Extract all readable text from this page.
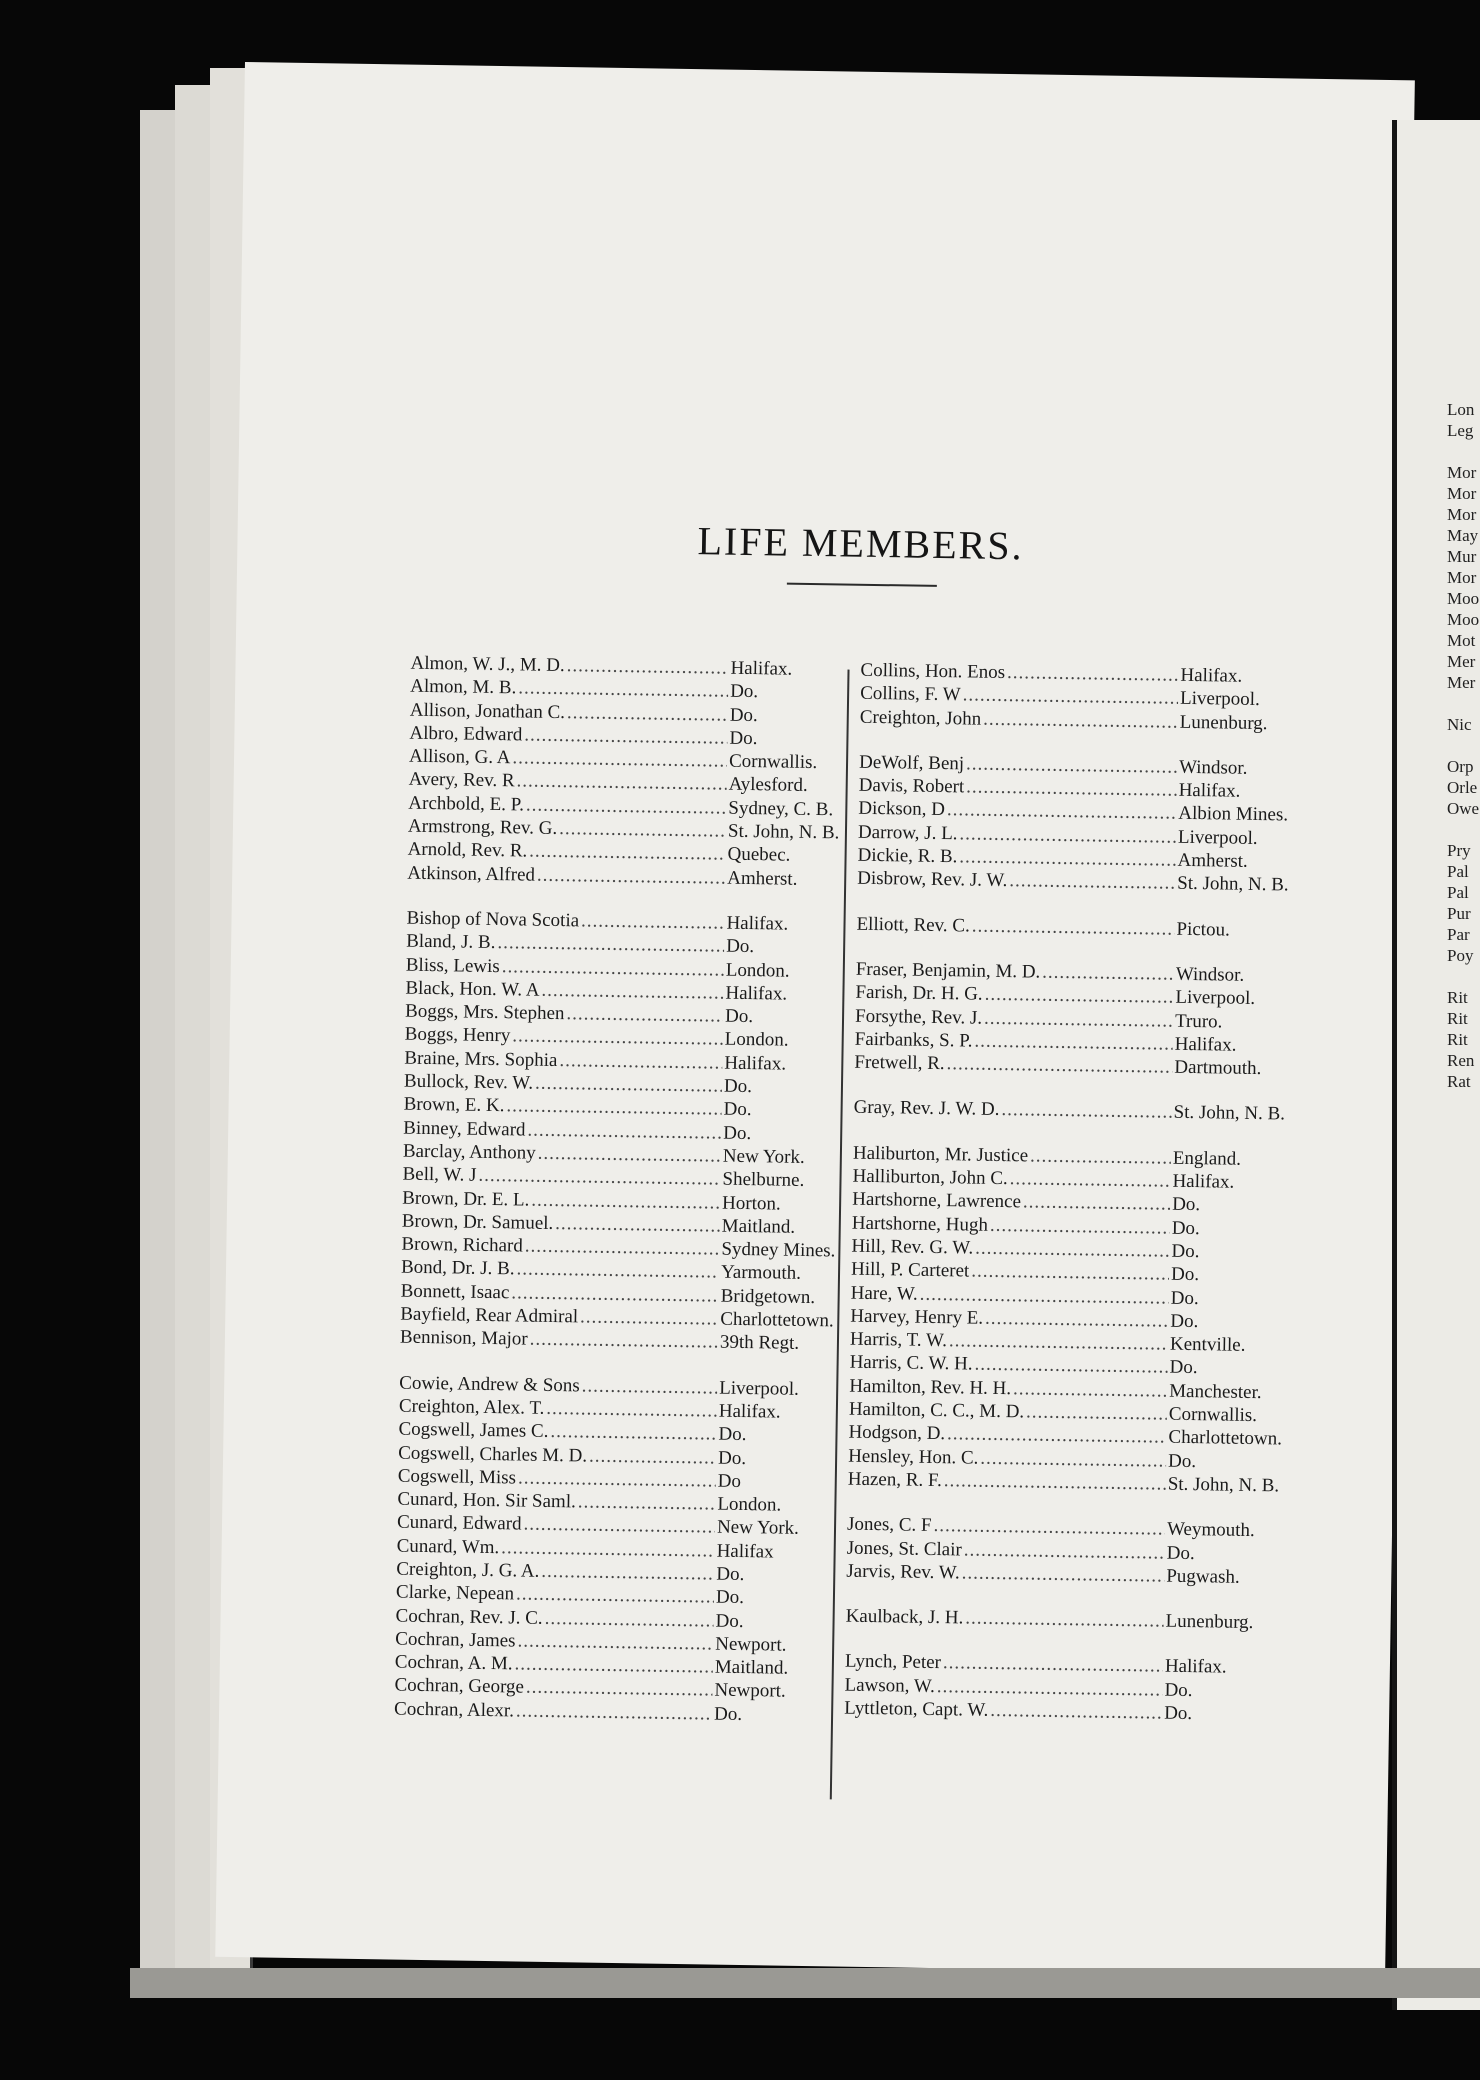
LIFE MEMBERS.
Almon, W. J., M. D. .....	Halifax.
Almon, M. B. .....	Do.
Allison, Jonathan C. .....	Do.
Albro, Edward .....	Do.
Allison, G. A .....	Cornwallis.
Avery, Rev. R .....	Aylesford.
Archbold, E. P. .....	Sydney, C. B.
Armstrong, Rev. G. .....	St. John, N. B.
Arnold, Rev. R. .....	Quebec.
Atkinson, Alfred .....	Amherst.
Bishop of Nova Scotia .....	Halifax.
Bland, J. B. .....	Do.
Bliss, Lewis .....	London.
Black, Hon. W. A .....	Halifax.
Boggs, Mrs. Stephen .....	Do.
Boggs, Henry .....	London.
Braine, Mrs. Sophia .....	Halifax.
Bullock, Rev. W. .....	Do.
Brown, E. K. .....	Do.
Binney, Edward .....	Do.
Barclay, Anthony .....	New York.
Bell, W. J .....	Shelburne.
Brown, Dr. E. L. .....	Horton.
Brown, Dr. Samuel. .....	Maitland.
Brown, Richard .....	Sydney Mines.
Bond, Dr. J. B. .....	Yarmouth.
Bonnett, Isaac .....	Bridgetown.
Bayfield, Rear Admiral .....	Charlottetown.
Bennison, Major .....	39th Regt.
Cowie, Andrew & Sons .....	Liverpool.
Creighton, Alex. T. .....	Halifax.
Cogswell, James C. .....	Do.
Cogswell, Charles M. D. .....	Do.
Cogswell, Miss .....	Do
Cunard, Hon. Sir Saml. .....	London.
Cunard, Edward .....	New York.
Cunard, Wm. .....	Halifax
Creighton, J. G. A. .....	Do.
Clarke, Nepean .....	Do.
Cochran, Rev. J. C. .....	Do.
Cochran, James .....	Newport.
Cochran, A. M. .....	Maitland.
Cochran, George .....	Newport.
Cochran, Alexr. .....	Do.
Collins, Hon. Enos .....	Halifax.
Collins, F. W .....	Liverpool.
Creighton, John .....	Lunenburg.
DeWolf, Benj .....	Windsor.
Davis, Robert .....	Halifax.
Dickson, D .....	Albion Mines.
Darrow, J. L. .....	Liverpool.
Dickie, R. B. .....	Amherst.
Disbrow, Rev. J. W. .....	St. John, N. B.
Elliott, Rev. C. .....	Pictou.
Fraser, Benjamin, M. D. .....	Windsor.
Farish, Dr. H. G. .....	Liverpool.
Forsythe, Rev. J. .....	Truro.
Fairbanks, S. P. .....	Halifax.
Fretwell, R. .....	Dartmouth.
Gray, Rev. J. W. D. .....	St. John, N. B.
Haliburton, Mr. Justice .....	England.
Halliburton, John C. .....	Halifax.
Hartshorne, Lawrence .....	Do.
Hartshorne, Hugh .....	Do.
Hill, Rev. G. W. .....	Do.
Hill, P. Carteret .....	Do.
Hare, W. .....	Do.
Harvey, Henry E. .....	Do.
Harris, T. W. .....	Kentville.
Harris, C. W. H. .....	Do.
Hamilton, Rev. H. H. .....	Manchester.
Hamilton, C. C., M. D. .....	Cornwallis.
Hodgson, D. .....	Charlottetown.
Hensley, Hon. C. .....	Do.
Hazen, R. F. .....	St. John, N. B.
Jones, C. F .....	Weymouth.
Jones, St. Clair .....	Do.
Jarvis, Rev. W. .....	Pugwash.
Kaulback, J. H. .....	Lunenburg.
Lynch, Peter .....	Halifax.
Lawson, W. .....	Do.
Lyttleton, Capt. W. .....	Do.
Lon
Leg
Mor
Mor
Mor
May
Mur
Mor
Moo
Moo
Mot
Mer
Mer
Nic
Orp
Orle
Owe
Pry
Pal
Pal
Pur
Par
Poy
Rit
Rit
Rit
Ren
Rat
